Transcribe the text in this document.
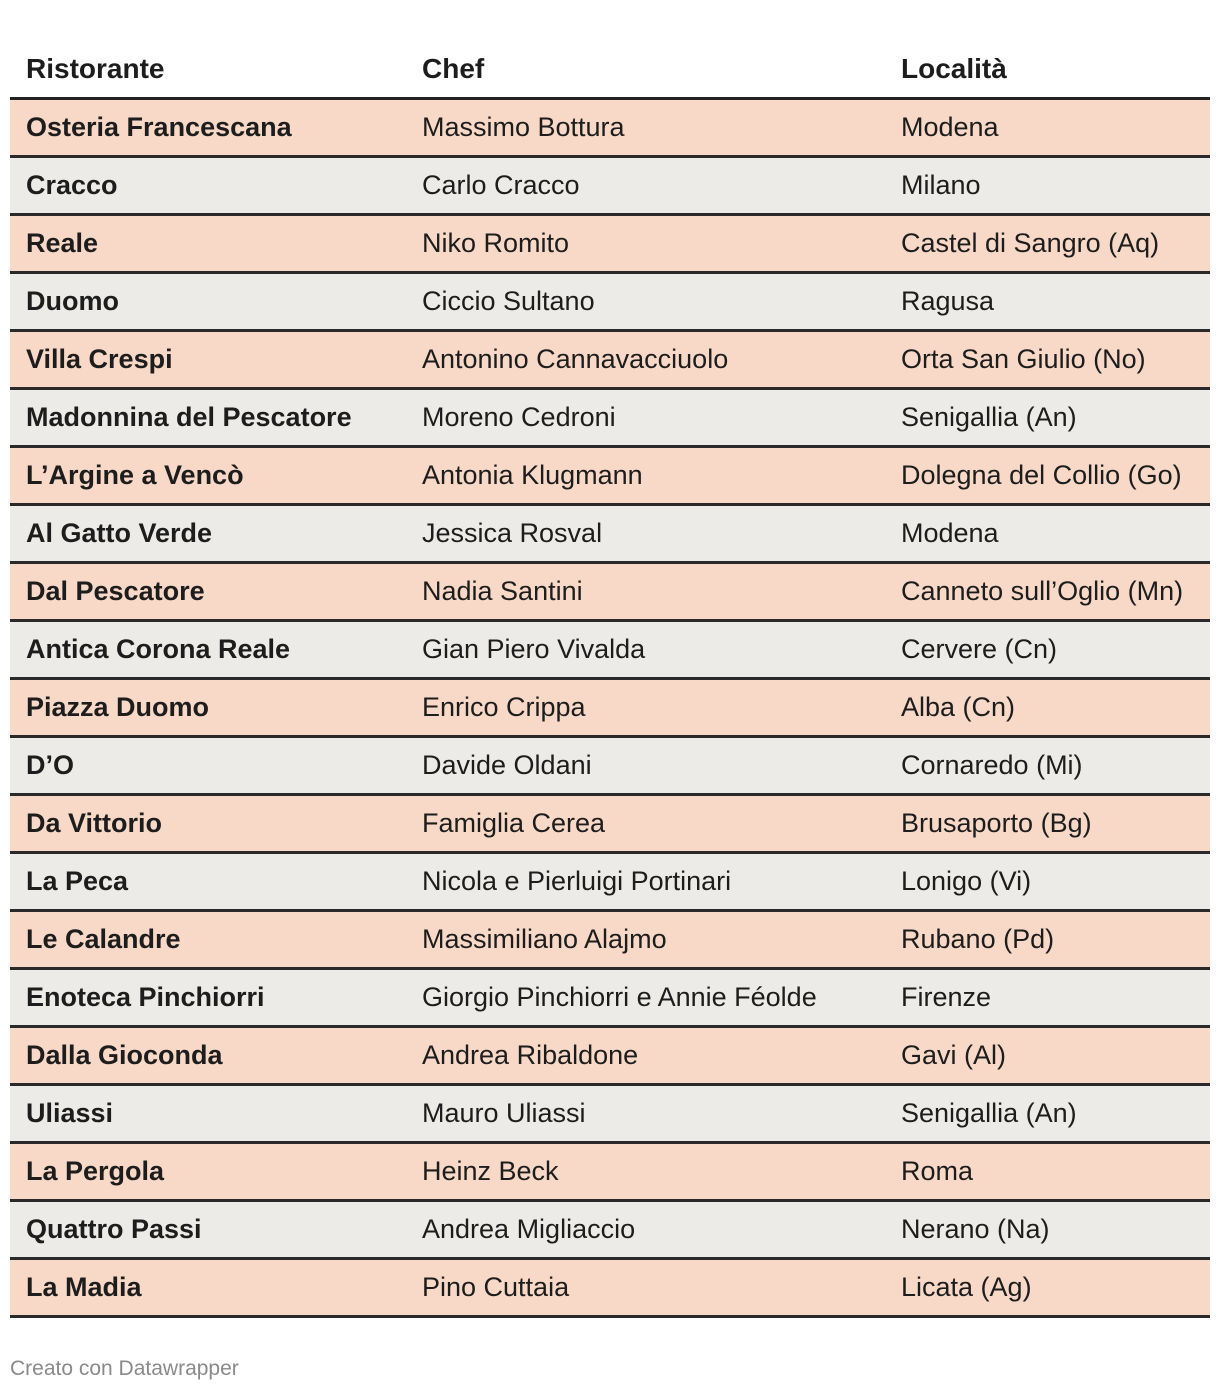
Ristorante	Chef	Località
Osteria Francescana	Massimo Bottura	Modena
Cracco	Carlo Cracco	Milano
Reale	Niko Romito	Castel di Sangro (Aq)
Duomo	Ciccio Sultano	Ragusa
Villa Crespi	Antonino Cannavacciuolo	Orta San Giulio (No)
Madonnina del Pescatore	Moreno Cedroni	Senigallia (An)
L’Argine a Vencò	Antonia Klugmann	Dolegna del Collio (Go)
Al Gatto Verde	Jessica Rosval	Modena
Dal Pescatore	Nadia Santini	Canneto sull’Oglio (Mn)
Antica Corona Reale	Gian Piero Vivalda	Cervere (Cn)
Piazza Duomo	Enrico Crippa	Alba (Cn)
D’O	Davide Oldani	Cornaredo (Mi)
Da Vittorio	Famiglia Cerea	Brusaporto (Bg)
La Peca	Nicola e Pierluigi Portinari	Lonigo (Vi)
Le Calandre	Massimiliano Alajmo	Rubano (Pd)
Enoteca Pinchiorri	Giorgio Pinchiorri e Annie Féolde	Firenze
Dalla Gioconda	Andrea Ribaldone	Gavi (Al)
Uliassi	Mauro Uliassi	Senigallia (An)
La Pergola	Heinz Beck	Roma
Quattro Passi	Andrea Migliaccio	Nerano (Na)
La Madia	Pino Cuttaia	Licata (Ag)
Creato con Datawrapper
